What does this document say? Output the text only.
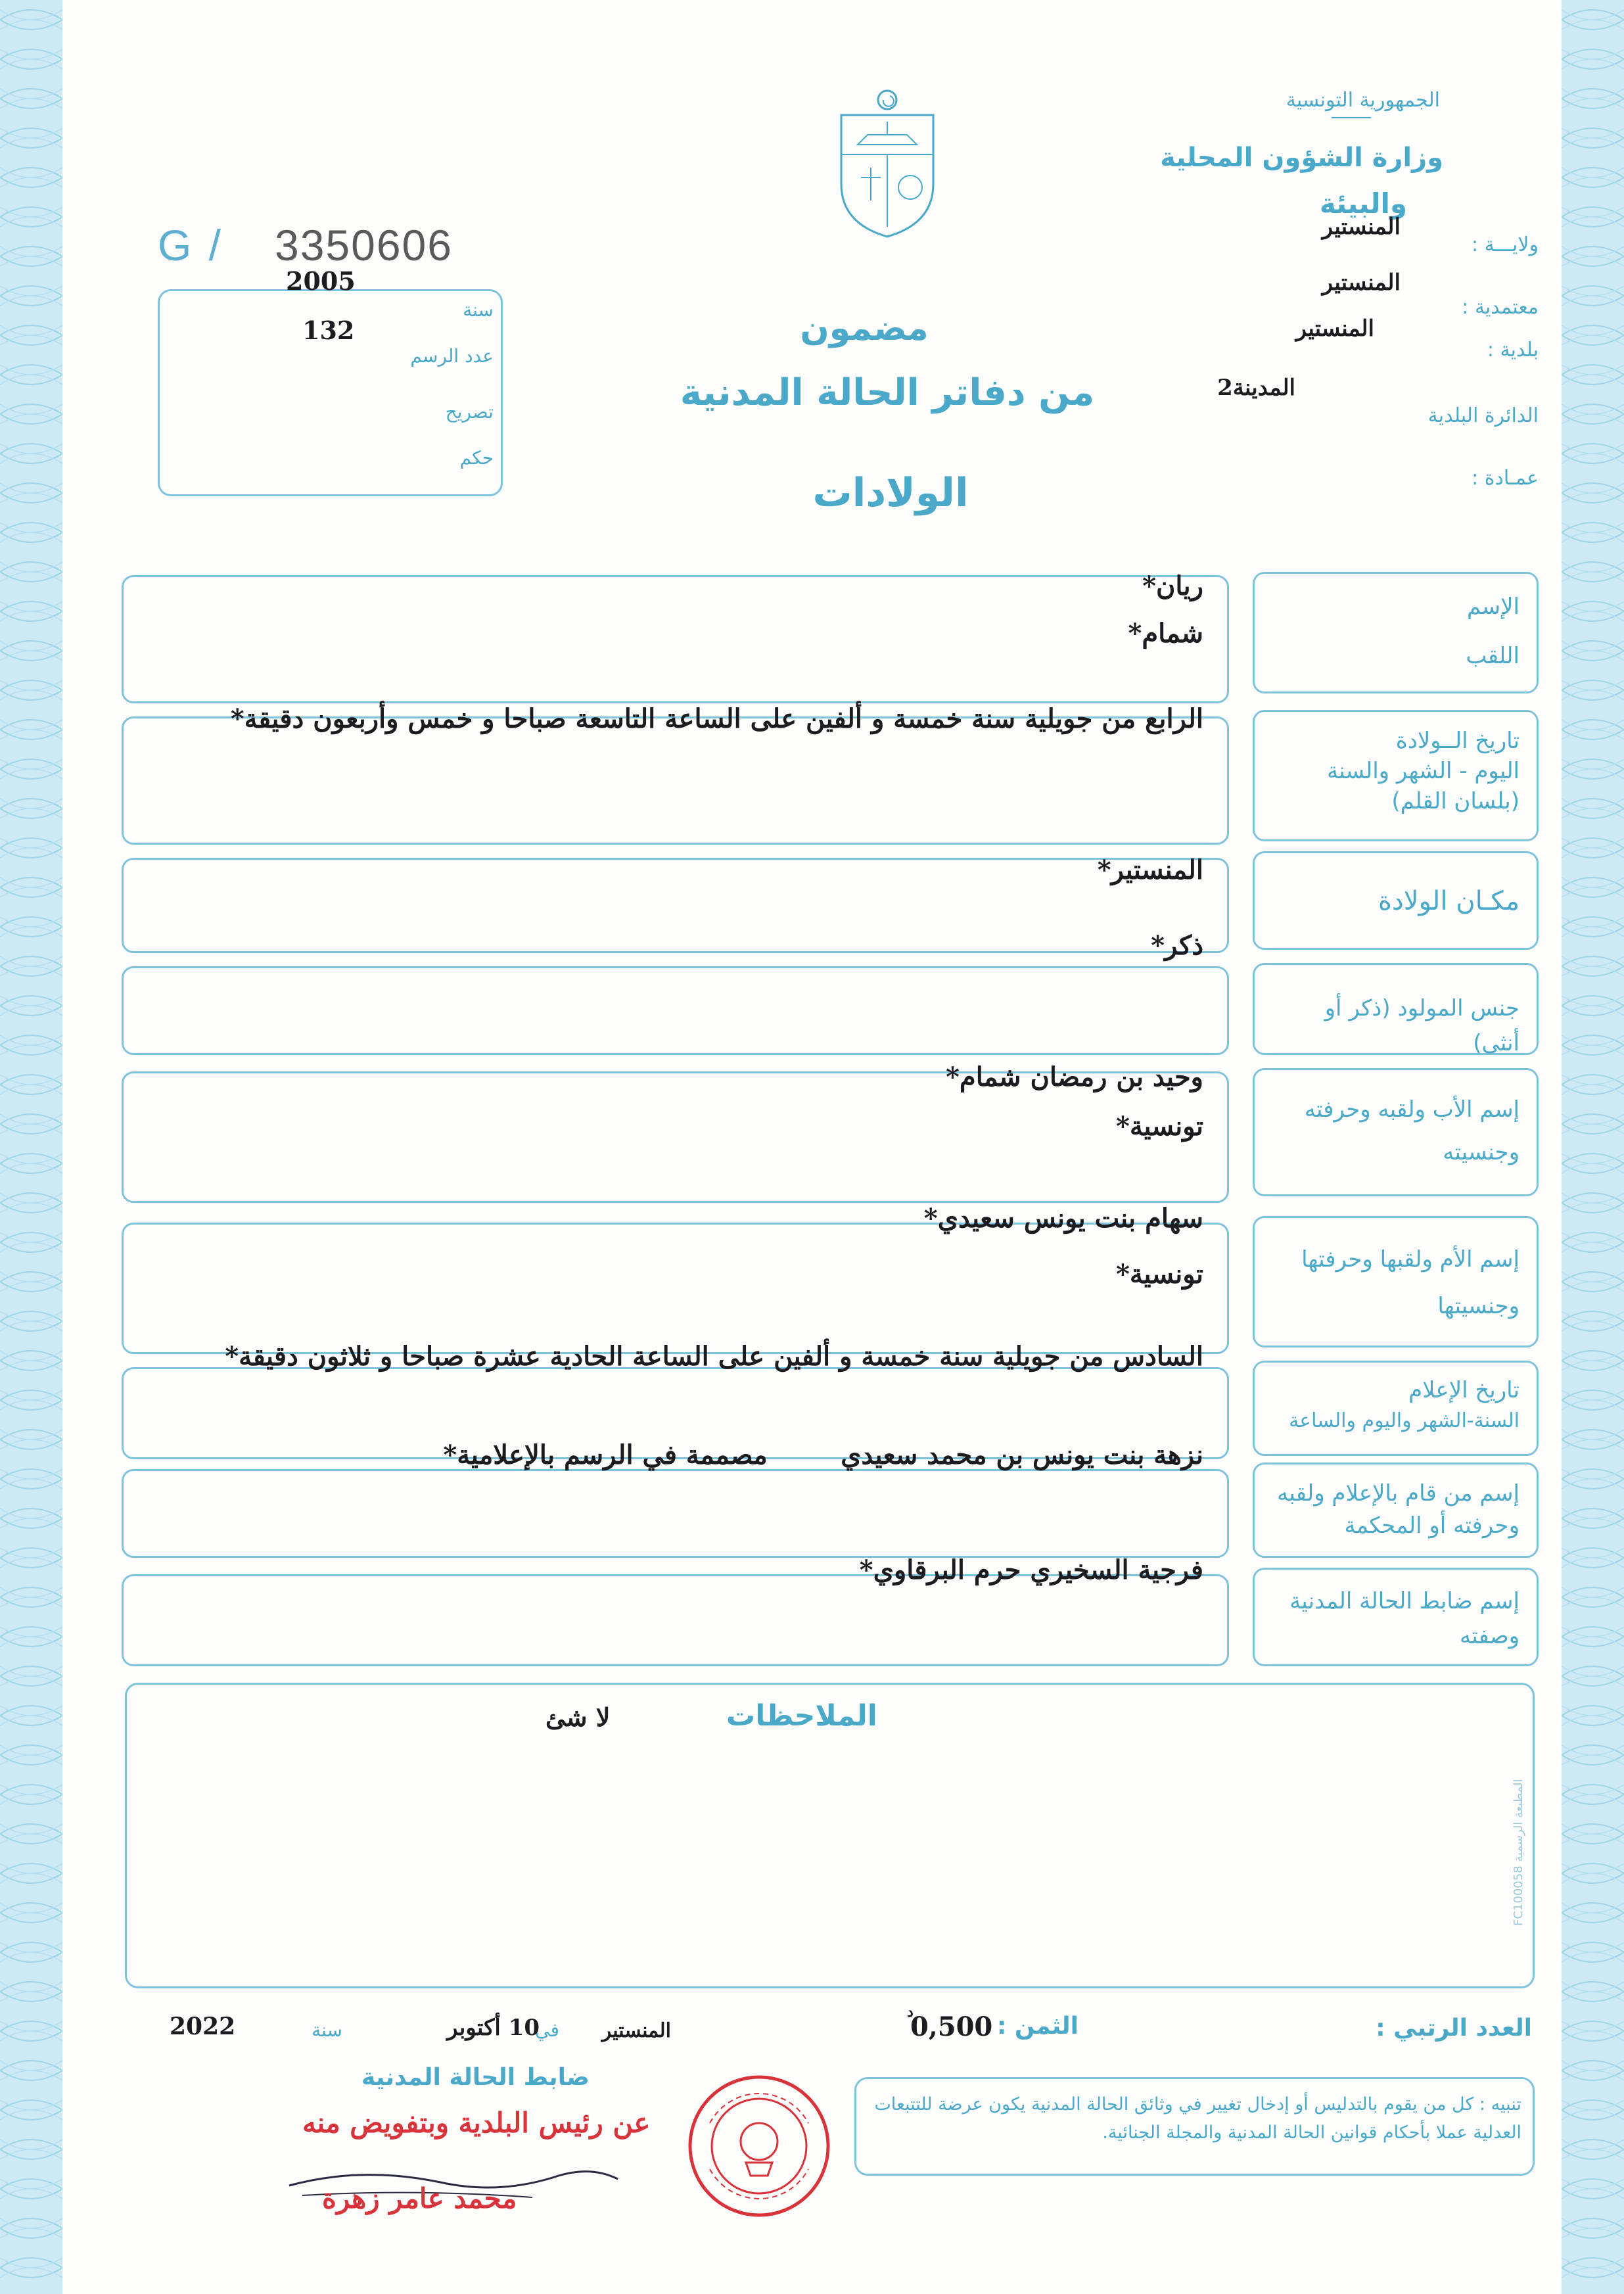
الجمهورية التونسية
وزارة الشؤون المحلية
والبيئة
ولايـــة :
المنستير
معتمدية :
المنستير
بلدية :
المنستير
الدائرة البلدية
المدينة2
عمـادة :
G / 3350606
2005
سنة
132
عدد الرسم
تصريح
حكم
مضمون
من دفاتر الحالة المدنية
الولادات
الإسم
اللقب
ريان*
شمام*
تاريخ الــولادة
اليوم - الشهر والسنة
(بلسان القلم)
الرابع من جويلية سنة خمسة و ألفين على الساعة التاسعة صباحا و خمس وأربعون دقيقة*
مكـان الولادة
المنستير*
ذكر*
جنس المولود (ذكر أو أنثى)
إسم الأب ولقبه وحرفته
وجنسيته
وحيد بن رمضان شمام*
تونسية*
إسم الأم ولقبها وحرفتها
وجنسيتها
سهام بنت يونس سعيدي*
تونسية*
تاريخ الإعلام
السنة-الشهر واليوم والساعة
السادس من جويلية سنة خمسة و ألفين على الساعة الحادية عشرة صباحا و ثلاثون دقيقة*
إسم من قام بالإعلام ولقبه
وحرفته أو المحكمة
نزهة بنت يونس بن محمد سعيدي        مصممة في الرسم بالإعلامية*
إسم ضابط الحالة المدنية
وصفته
فرجية السخيري حرم البرقاوي*
الملاحظات
لا شئ
المطبعة الرسمية FC100058
العدد الرتبي :
الثمن :
0,500
د
المنستير
في
10 أكتوبر
سنة
2022
تنبيه : كل من يقوم بالتدليس أو إدخال تغيير في وثائق الحالة المدنية يكون عرضة للتتبعات العدلية عملا بأحكام قوانين الحالة المدنية والمجلة الجنائية.
ضابط الحالة المدنية
عن رئيس البلدية وبتفويض منه
محمد عامر زهرة
